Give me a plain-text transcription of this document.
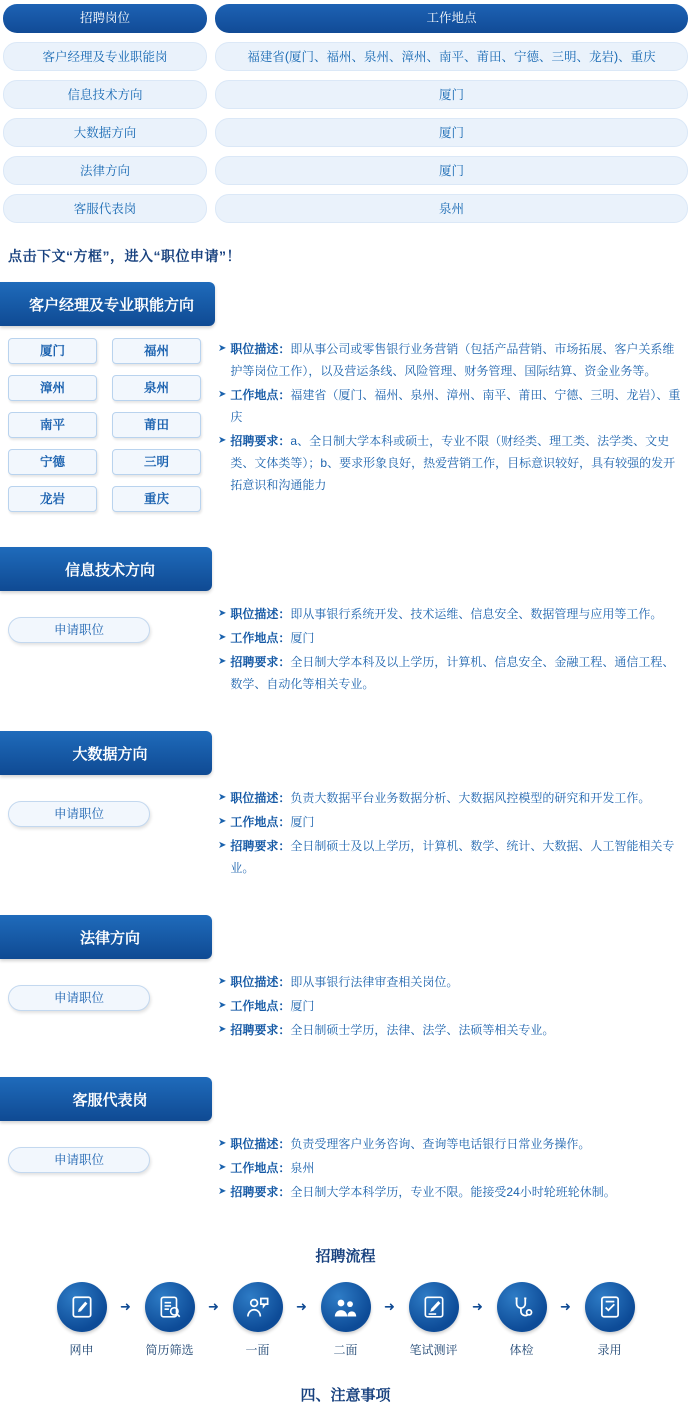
招聘岗位	工作地点
客户经理及专业职能岗	福建省(厦门、福州、泉州、漳州、南平、莆田、宁德、三明、龙岩)、重庆
信息技术方向	厦门
大数据方向	厦门
法律方向	厦门
客服代表岗	泉州
点击下文“方框”，进入“职位申请”！
客户经理及专业职能方向
厦门	福州
漳州	泉州
南平	莆田
宁德	三明
龙岩	重庆
➤ 职位描述：即从事公司或零售银行业务营销（包括产品营销、市场拓展、客户关系维护等岗位工作），以及营运条线、风险管理、财务管理、国际结算、资金业务等。
➤ 工作地点：福建省（厦门、福州、泉州、漳州、南平、莆田、宁德、三明、龙岩）、重庆
➤ 招聘要求：a、全日制大学本科或硕士，专业不限（财经类、理工类、法学类、文史类、文体类等）；b、要求形象良好，热爱营销工作，目标意识较好，具有较强的发开拓意识和沟通能力
信息技术方向
申请职位
➤ 职位描述：即从事银行系统开发、技术运维、信息安全、数据管理与应用等工作。
➤ 工作地点：厦门
➤ 招聘要求：全日制大学本科及以上学历，计算机、信息安全、金融工程、通信工程、数学、自动化等相关专业。
大数据方向
申请职位
➤ 职位描述：负责大数据平台业务数据分析、大数据风控模型的研究和开发工作。
➤ 工作地点：厦门
➤ 招聘要求：全日制硕士及以上学历，计算机、数学、统计、大数据、人工智能相关专业。
法律方向
申请职位
➤ 职位描述：即从事银行法律审查相关岗位。
➤ 工作地点：厦门
➤ 招聘要求：全日制硕士学历，法律、法学、法硕等相关专业。
客服代表岗
申请职位
➤ 职位描述：负责受理客户业务咨询、查询等电话银行日常业务操作。
➤ 工作地点：泉州
➤ 招聘要求：全日制大学本科学历，专业不限。能接受24小时轮班轮休制。
招聘流程
网申
➜
简历筛选
➜
一面
➜
二面
➜
笔试测评
➜
体检
➜
录用
四、注意事项
